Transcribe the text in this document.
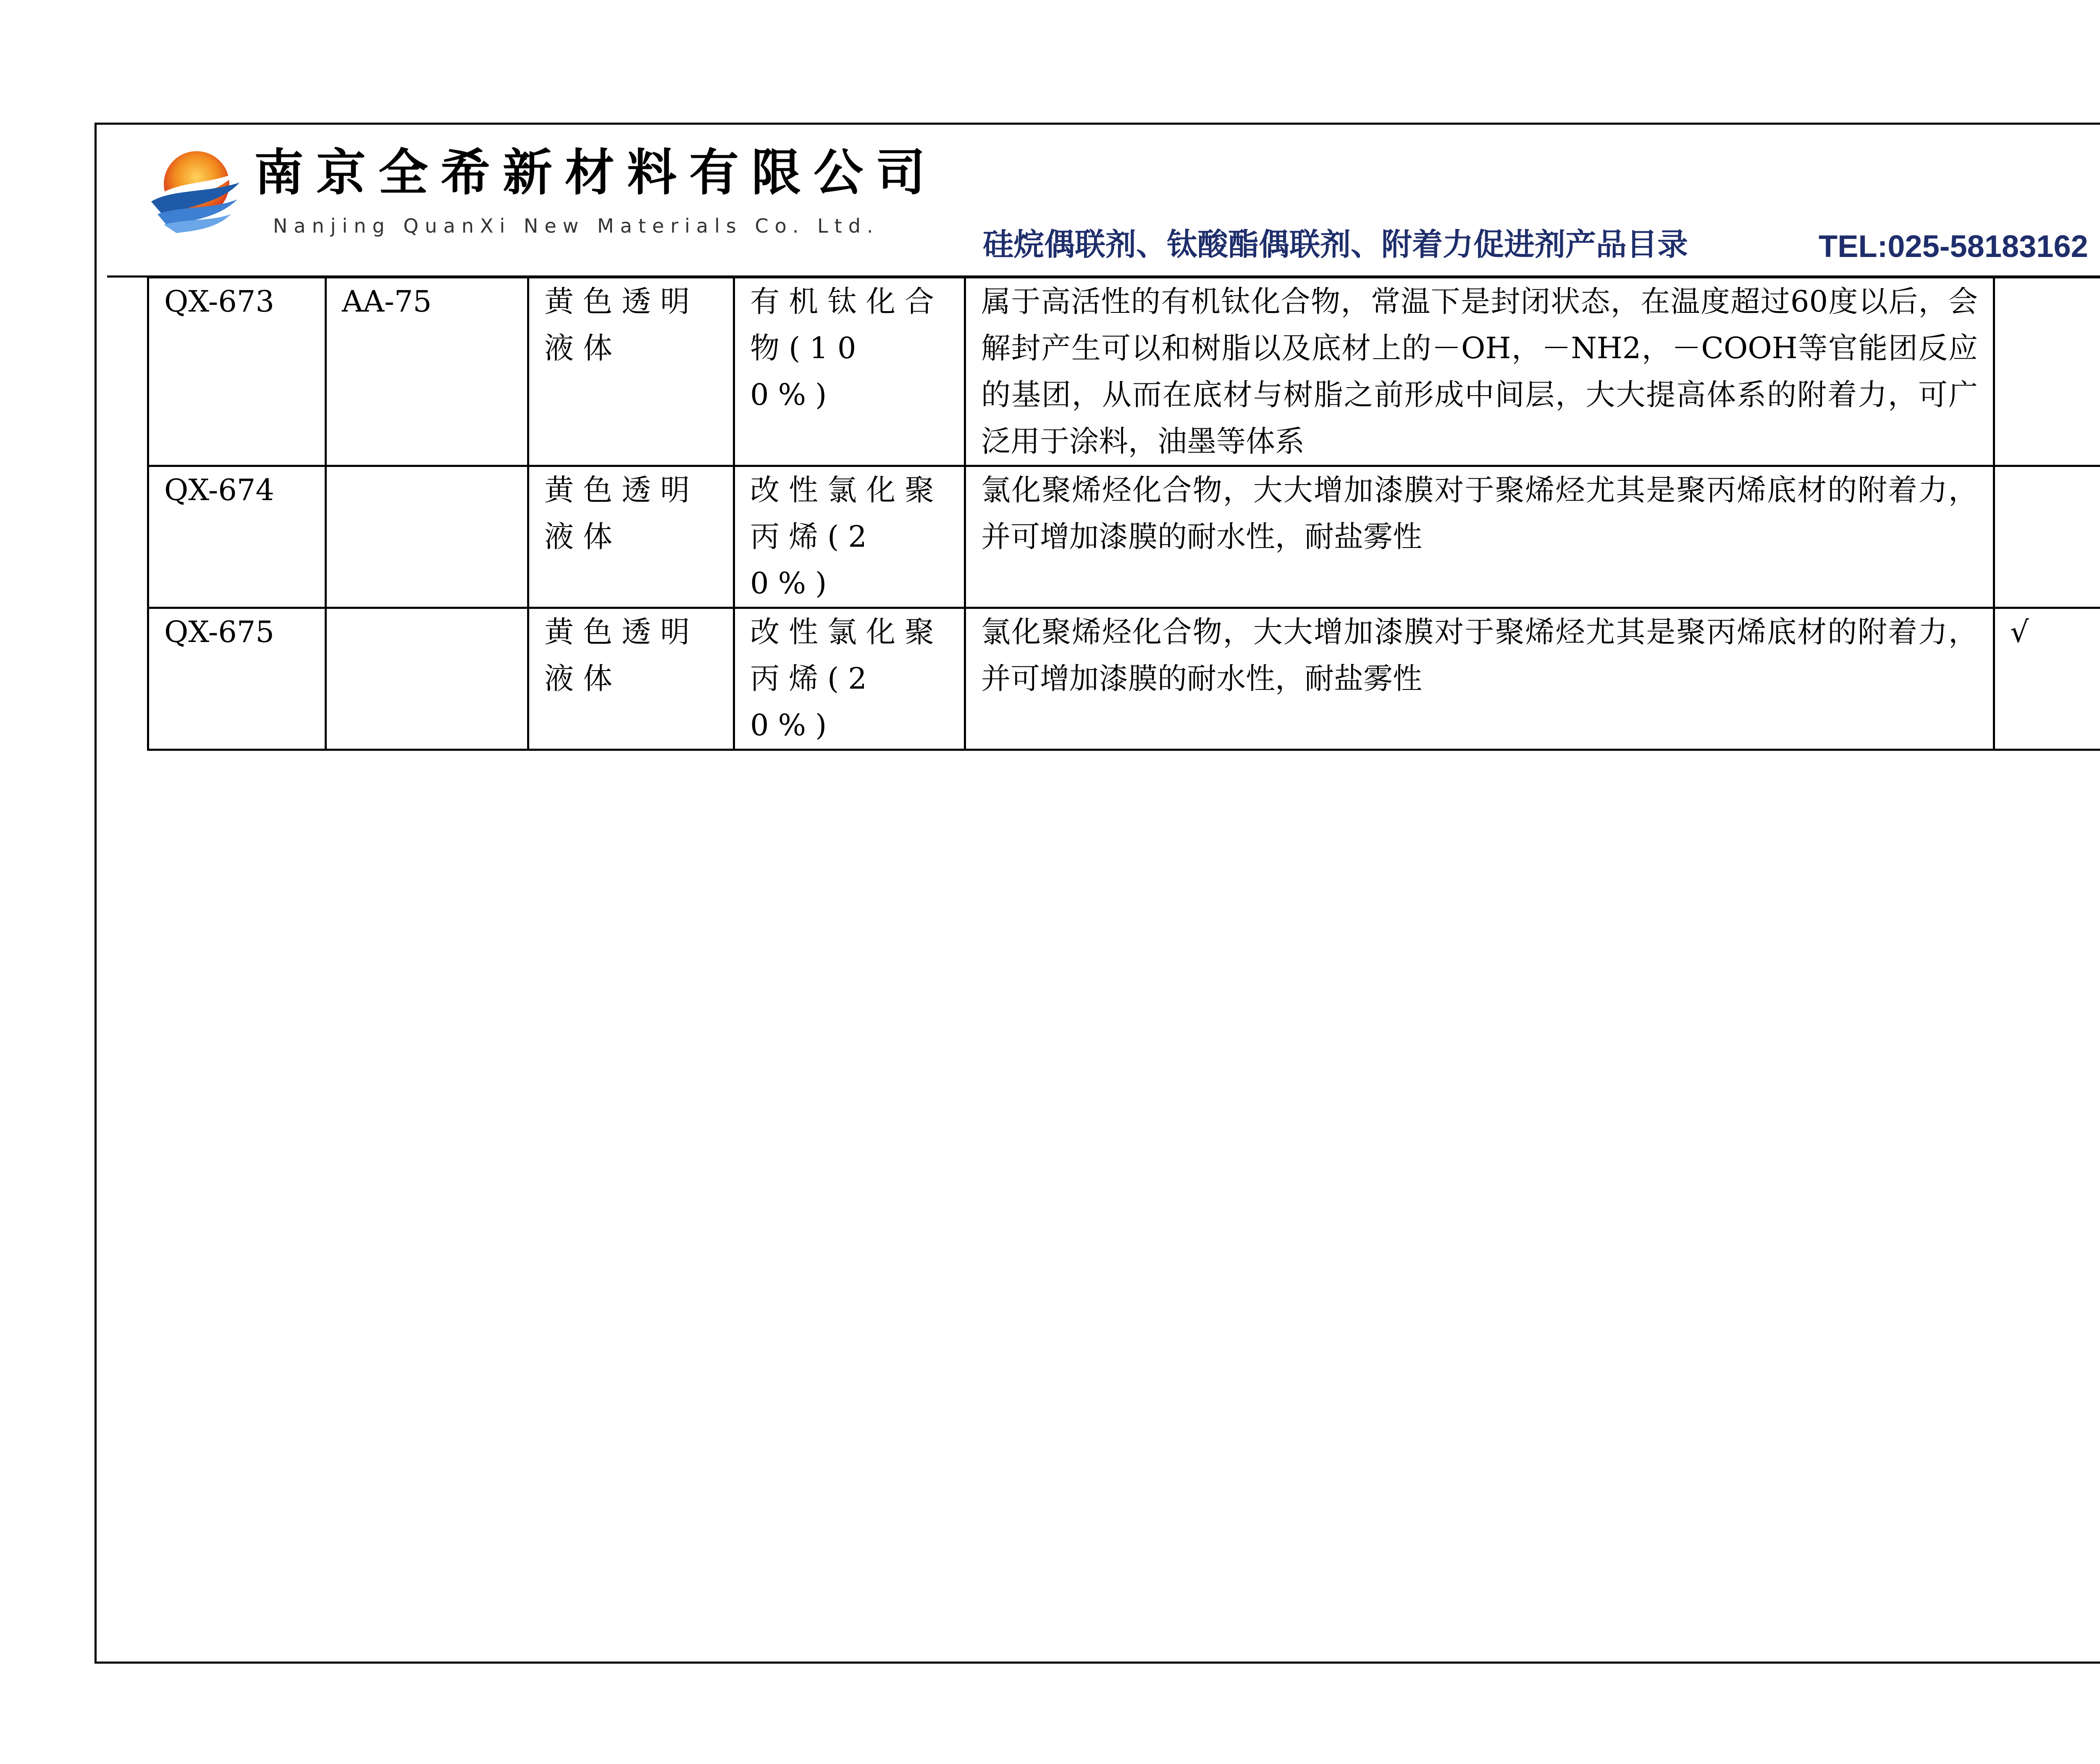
南京全希新材料有限公司
Nanjing QuanXi New Materials Co. Ltd.
硅烷偶联剂、钛酸酯偶联剂、附着力促进剂产品目录	TEL:025-58183162
QX-673	AA-75	黄色透明液体	有机钛化合物(100%)	属于高活性的有机钛化合物，常温下是封闭状态，在温度超过60度以后，会解封产生可以和树脂以及底材上的－OH，－NH2，－COOH等官能团反应的基团，从而在底材与树脂之前形成中间层，大大提高体系的附着力，可广泛用于涂料，油墨等体系			
QX-674		黄色透明液体	改性氯化聚丙烯(20%)	氯化聚烯烃化合物，大大增加漆膜对于聚烯烃尤其是聚丙烯底材的附着力，并可增加漆膜的耐水性，耐盐雾性			
QX-675		黄色透明液体	改性氯化聚丙烯(20%)	氯化聚烯烃化合物，大大增加漆膜对于聚烯烃尤其是聚丙烯底材的附着力，并可增加漆膜的耐水性，耐盐雾性	√		
